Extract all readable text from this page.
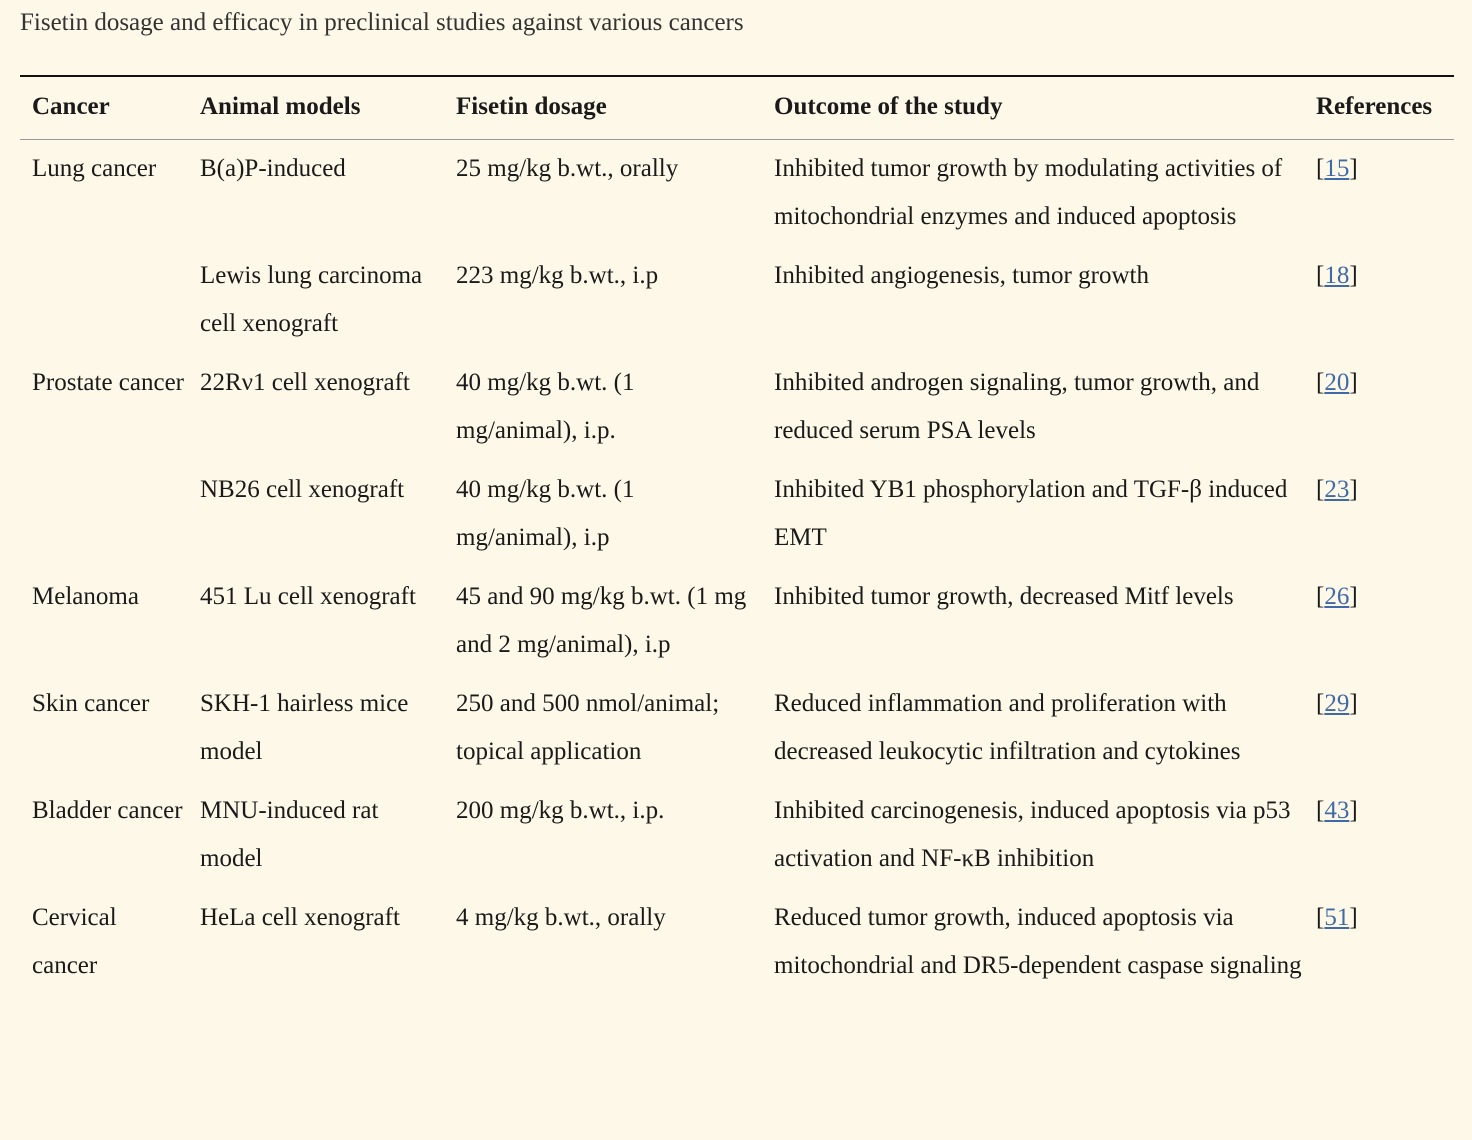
Fisetin dosage and efficacy in preclinical studies against various cancers
Cancer	Animal models	Fisetin dosage	Outcome of the study	References
Lung cancer	B(a)P-induced	25 mg/kg b.wt., orally	Inhibited tumor growth by modulating activities of mitochondrial enzymes and induced apoptosis	[15]
	Lewis lung carcinoma cell xenograft	223 mg/kg b.wt., i.p	Inhibited angiogenesis, tumor growth	[18]
Prostate cancer	22Rν1 cell xenograft	40 mg/kg b.wt. (1 mg/animal), i.p.	Inhibited androgen signaling, tumor growth, and reduced serum PSA levels	[20]
	NB26 cell xenograft	40 mg/kg b.wt. (1 mg/animal), i.p	Inhibited YB1 phosphorylation and TGF-β induced EMT	[23]
Melanoma	451 Lu cell xenograft	45 and 90 mg/kg b.wt. (1 mg and 2 mg/animal), i.p	Inhibited tumor growth, decreased Mitf levels	[26]
Skin cancer	SKH-1 hairless mice model	250 and 500 nmol/animal; topical application	Reduced inflammation and proliferation with decreased leukocytic infiltration and cytokines	[29]
Bladder cancer	MNU-induced rat model	200 mg/kg b.wt., i.p.	Inhibited carcinogenesis, induced apoptosis via p53 activation and NF-κB inhibition	[43]
Cervical cancer	HeLa cell xenograft	4 mg/kg b.wt., orally	Reduced tumor growth, induced apoptosis via mitochondrial and DR5-dependent caspase signaling	[51]
